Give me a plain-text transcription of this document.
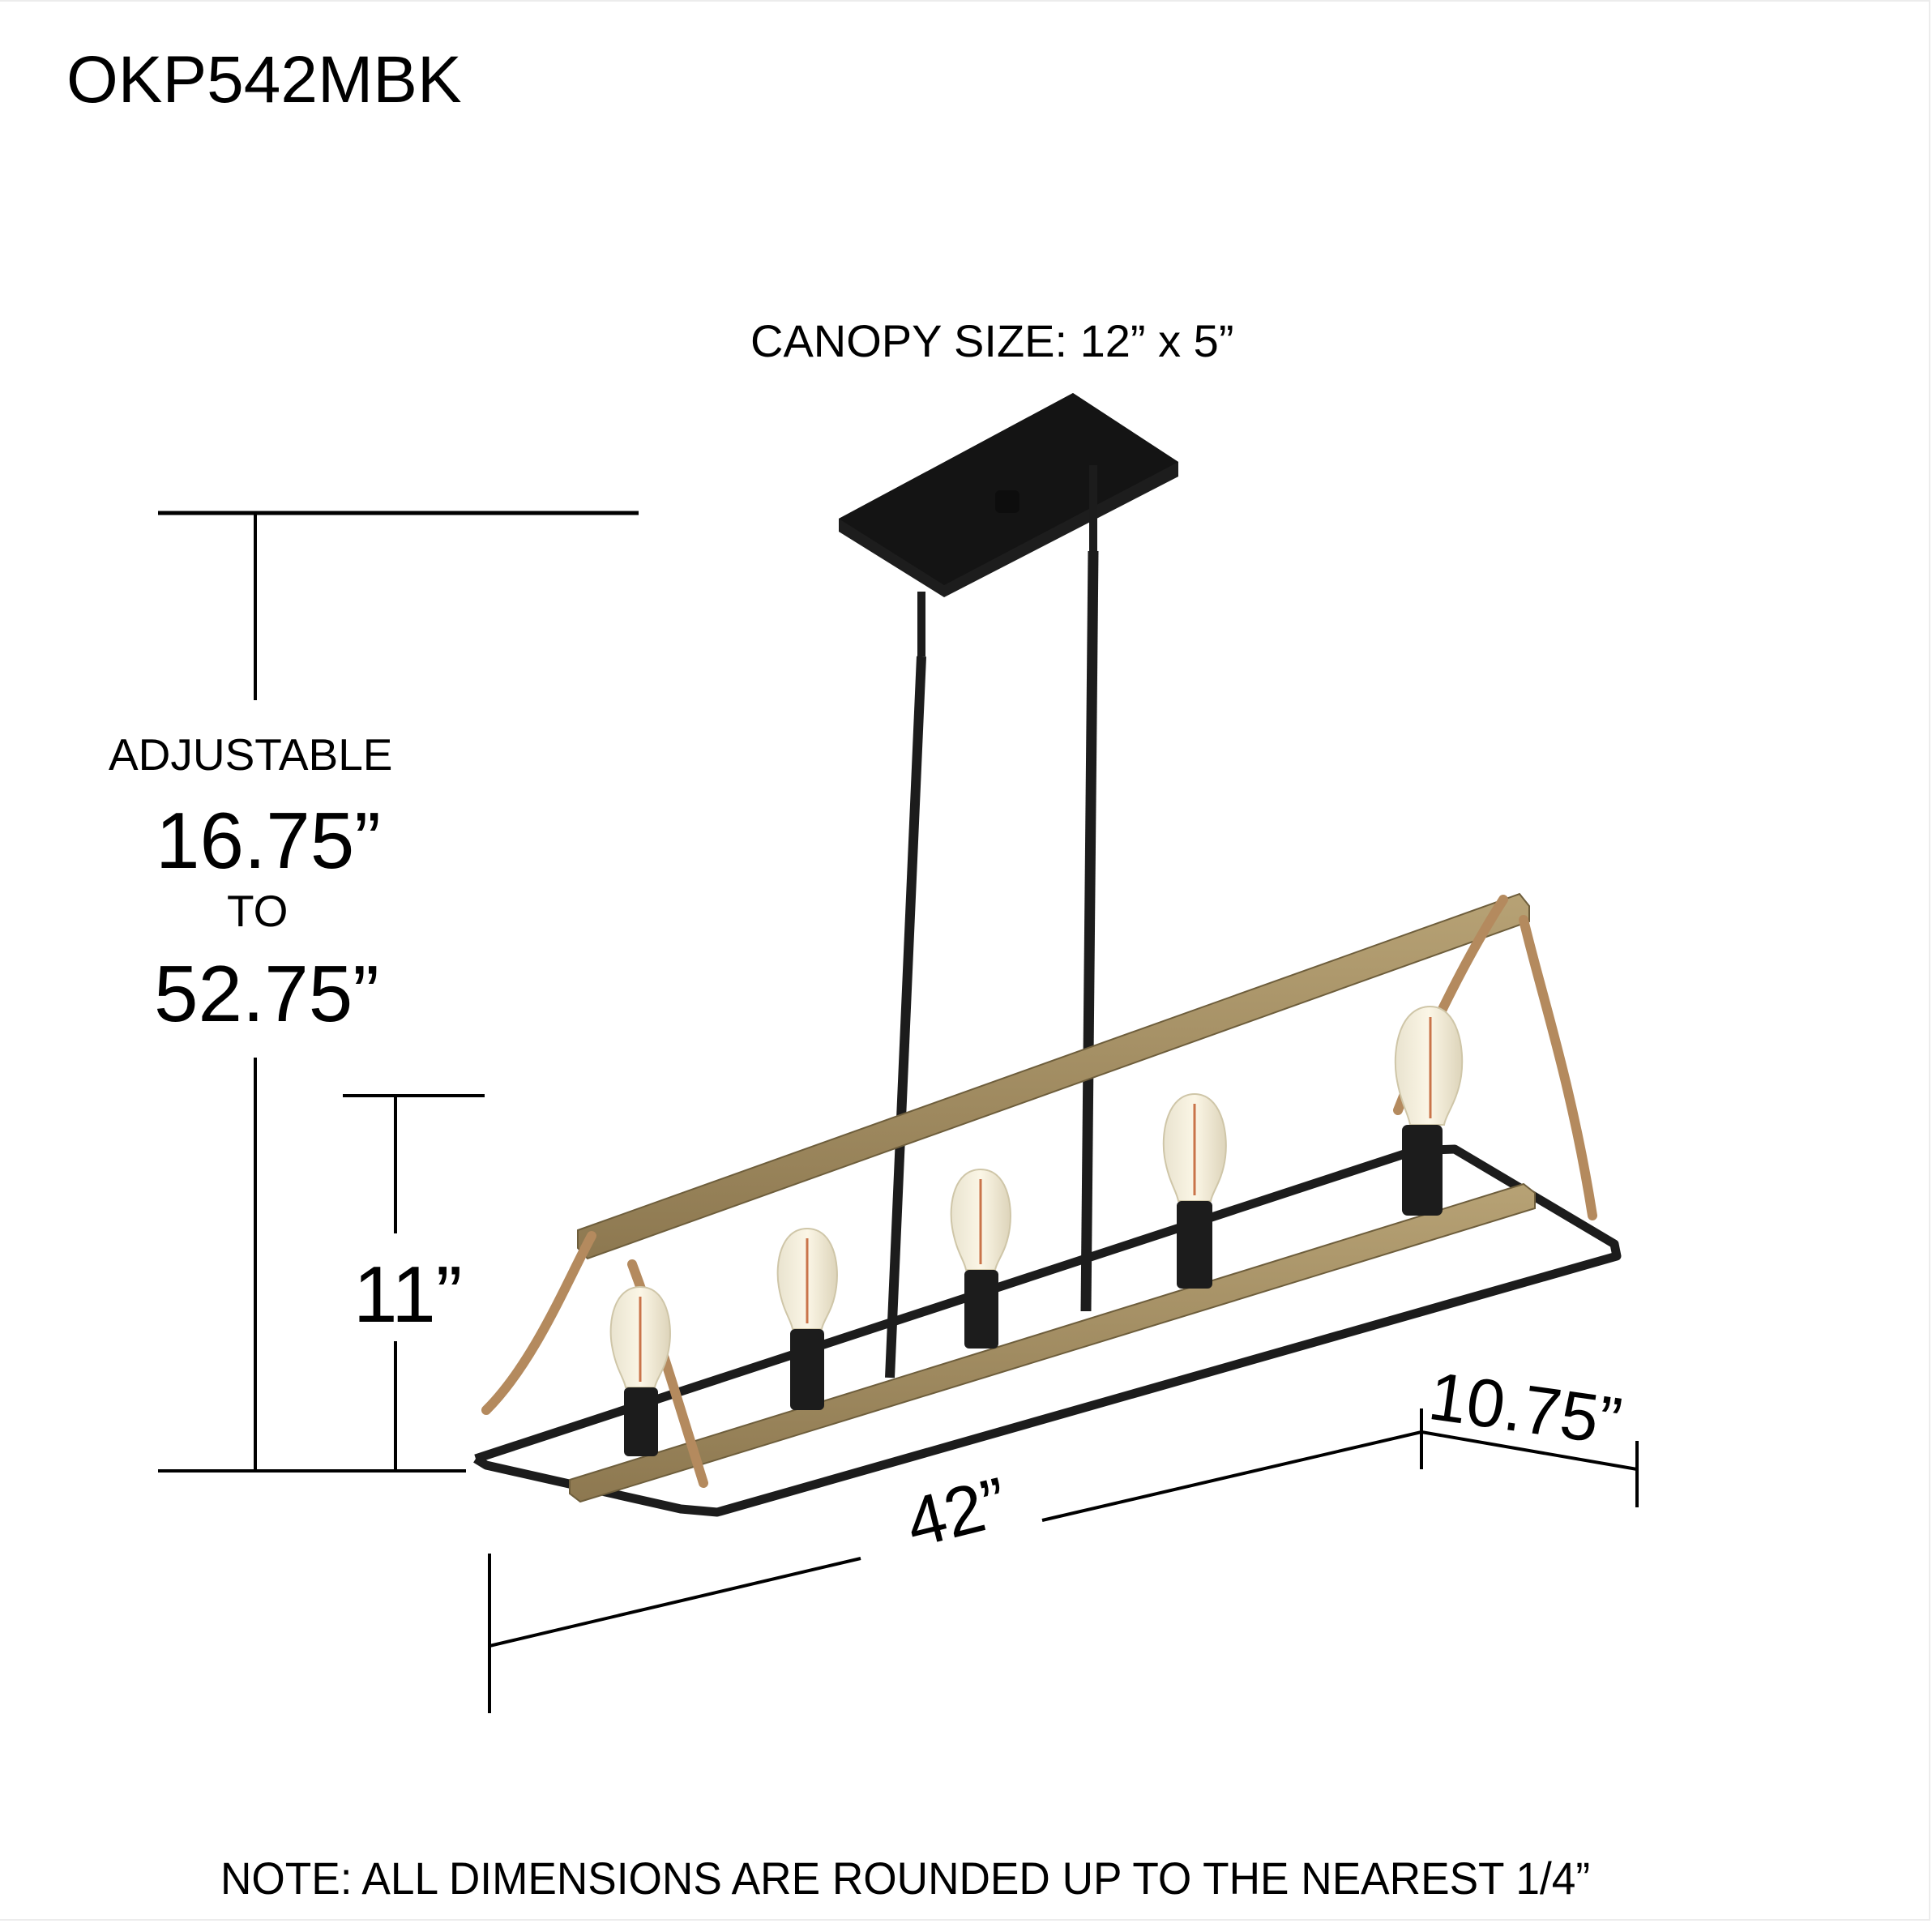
OKP542MBK
CANOPY SIZE: 12” x 5”
ADJUSTABLE
16.75”
TO
52.75”
11”
42”
10.75”
NOTE: ALL DIMENSIONS ARE ROUNDED UP TO THE NEAREST 1/4”
